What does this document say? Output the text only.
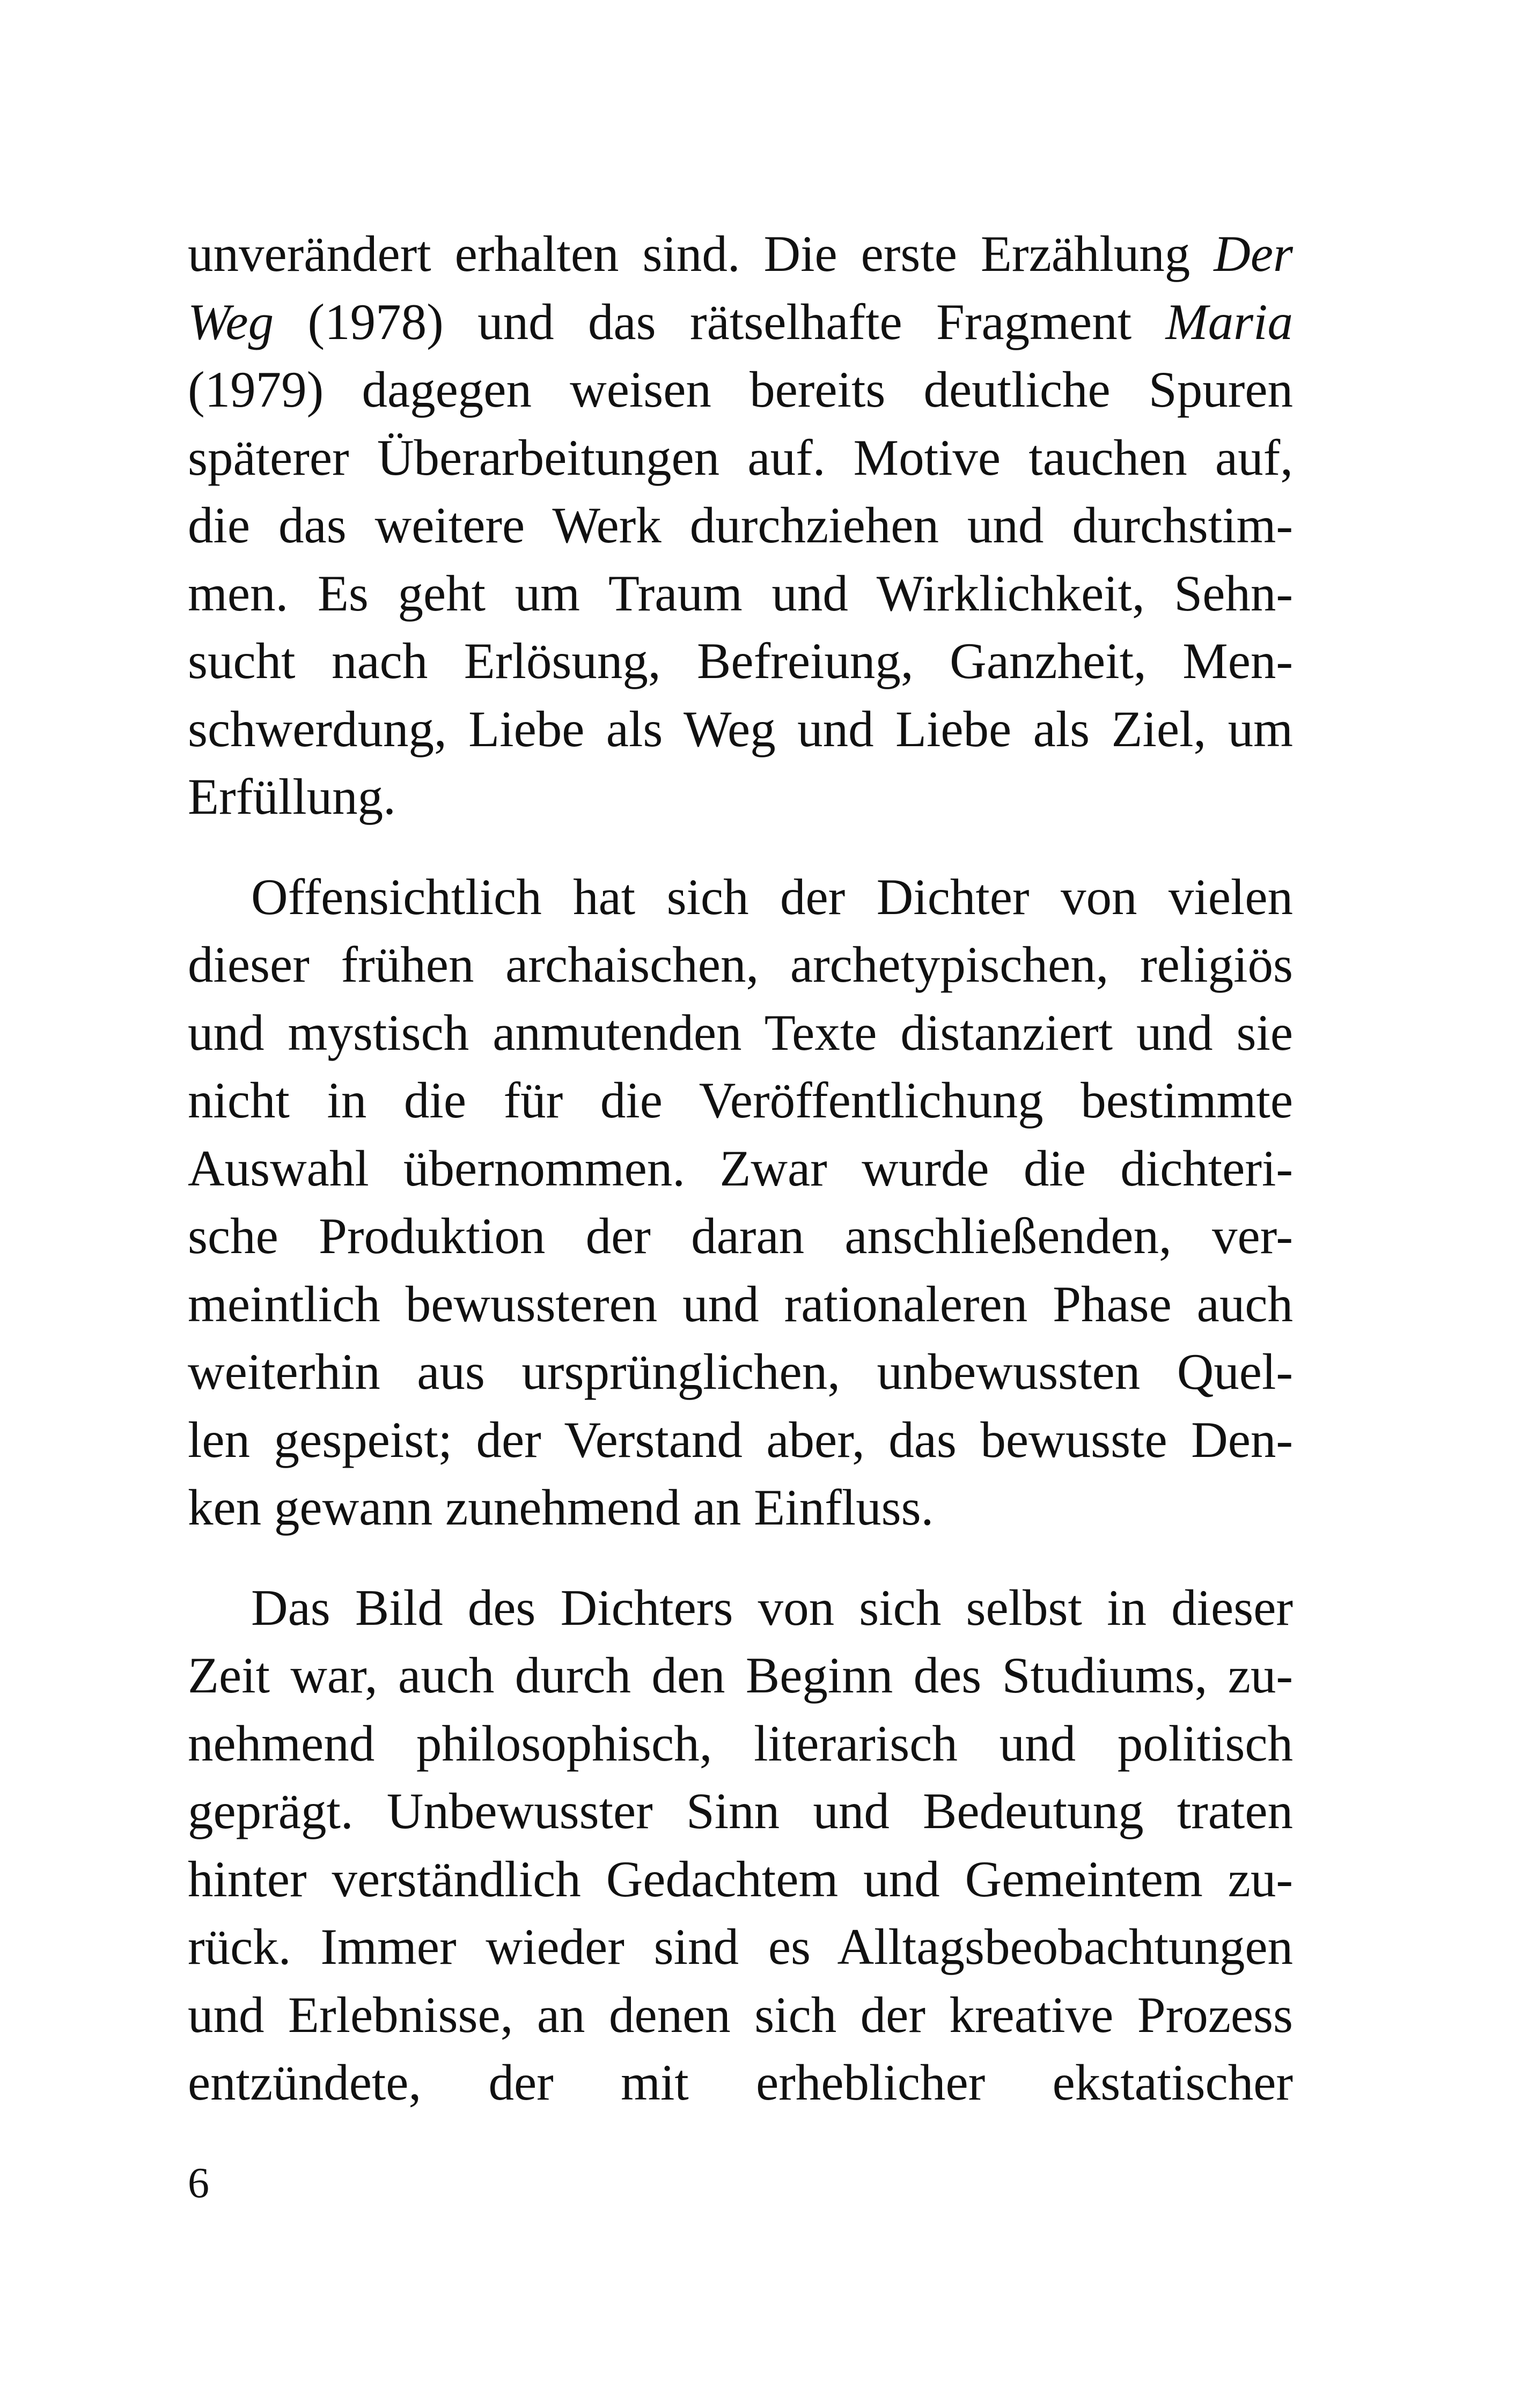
unverändert erhalten sind. Die erste Erzählung Der
Weg (1978) und das rätselhafte Fragment Maria
(1979) dagegen weisen bereits deutliche Spuren
späterer Überarbeitungen auf. Motive tauchen auf,
die das weitere Werk durchziehen und durchstim-
men. Es geht um Traum und Wirklichkeit, Sehn-
sucht nach Erlösung, Befreiung, Ganzheit, Men-
schwerdung, Liebe als Weg und Liebe als Ziel, um
Erfüllung.

Offensichtlich hat sich der Dichter von vielen
dieser frühen archaischen, archetypischen, religiös
und mystisch anmutenden Texte distanziert und sie
nicht in die für die Veröffentlichung bestimmte
Auswahl übernommen. Zwar wurde die dichteri-
sche Produktion der daran anschließenden, ver-
meintlich bewussteren und rationaleren Phase auch
weiterhin aus ursprünglichen, unbewussten Quel-
len gespeist; der Verstand aber, das bewusste Den-
ken gewann zunehmend an Einfluss.

Das Bild des Dichters von sich selbst in dieser
Zeit war, auch durch den Beginn des Studiums, zu-
nehmend philosophisch, literarisch und politisch
geprägt. Unbewusster Sinn und Bedeutung traten
hinter verständlich Gedachtem und Gemeintem zu-
rück. Immer wieder sind es Alltagsbeobachtungen
und Erlebnisse, an denen sich der kreative Prozess
entzündete, der mit erheblicher ekstatischer

6
